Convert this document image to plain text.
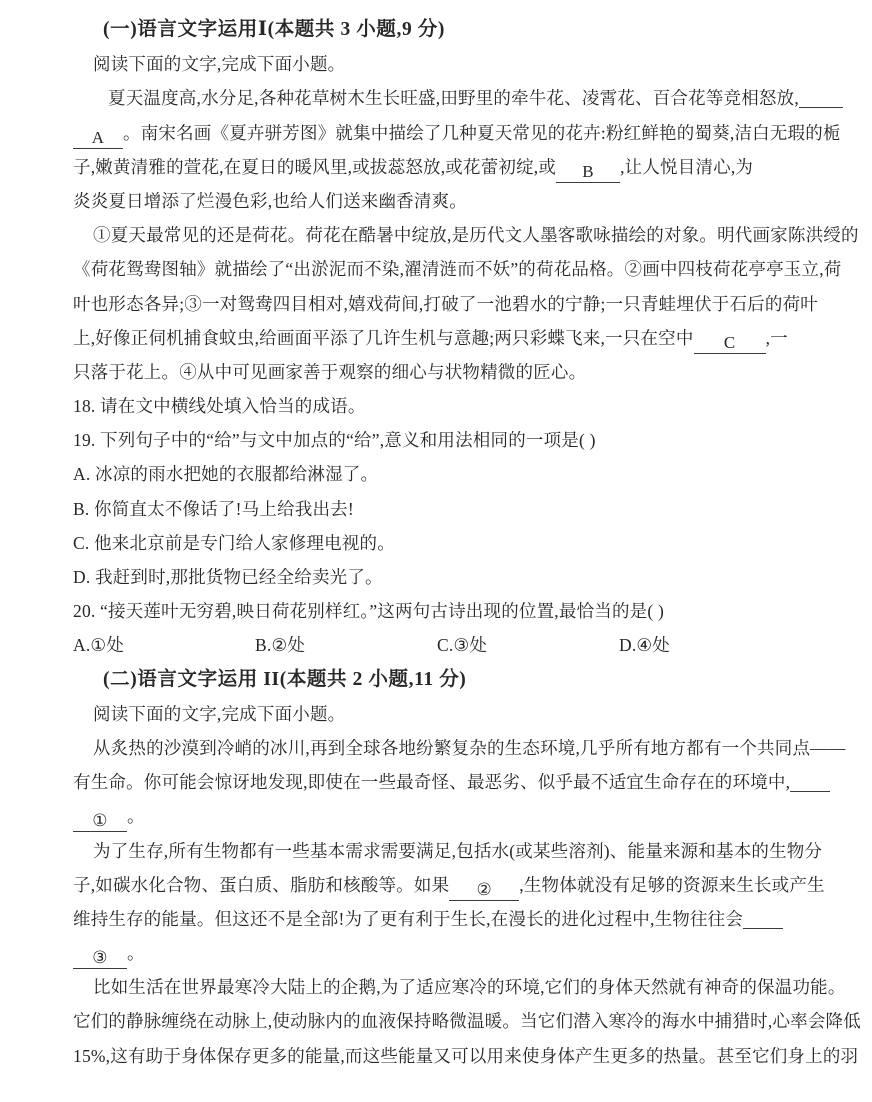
(一)语言文字运用Ⅰ(本题共 3 小题,9 分)
阅读下面的文字,完成下面小题。
夏天温度高,水分足,各种花草树木生长旺盛,田野里的牵牛花、凌霄花、百合花等竞相怒放,
A 。南宋名画《夏卉骈芳图》就集中描绘了几种夏天常见的花卉:粉红鲜艳的蜀葵,洁白无瑕的栀
子,嫩黄清雅的萱花,在夏日的暖风里,或拔蕊怒放,或花蕾初绽,或 B ,让人悦目清心,为
炎炎夏日增添了烂漫色彩,也给人们送来幽香清爽。
①夏天最常见的还是荷花。荷花在酷暑中绽放,是历代文人墨客歌咏描绘的对象。明代画家陈洪绶的
《荷花鸳鸯图轴》就描绘了“出淤泥而不染,濯清涟而不妖”的荷花品格。②画中四枝荷花亭亭玉立,荷
叶也形态各异;③一对鸳鸯四目相对,嬉戏荷间,打破了一池碧水的宁静;一只青蛙埋伏于石后的荷叶
上,好像正伺机捕食蚊虫,给画面平添了几许生机与意趣;两只彩蝶飞来,一只在空中 C ,一
只落于花上。④从中可见画家善于观察的细心与状物精微的匠心。
18. 请在文中横线处填入恰当的成语。
19. 下列句子中的“给”与文中加点的“给”,意义和用法相同的一项是( )
A. 冰凉的雨水把她的衣服都给淋湿了。
B. 你简直太不像话了!马上给我出去!
C. 他来北京前是专门给人家修理电视的。
D. 我赶到时,那批货物已经全给卖光了。
20. “接天莲叶无穷碧,映日荷花别样红。”这两句古诗出现的位置,最恰当的是( )
A.①处	B.②处	C.③处	D.④处
(二)语言文字运用 II(本题共 2 小题,11 分)
阅读下面的文字,完成下面小题。
从炙热的沙漠到冷峭的冰川,再到全球各地纷繁复杂的生态环境,几乎所有地方都有一个共同点——
有生命。你可能会惊讶地发现,即使在一些最奇怪、最恶劣、似乎最不适宜生命存在的环境中,
① 。
为了生存,所有生物都有一些基本需求需要满足,包括水(或某些溶剂)、能量来源和基本的生物分
子,如碳水化合物、蛋白质、脂肪和核酸等。如果 ② ,生物体就没有足够的资源来生长或产生
维持生存的能量。但这还不是全部!为了更有利于生长,在漫长的进化过程中,生物往往会
③ 。
比如生活在世界最寒冷大陆上的企鹅,为了适应寒冷的环境,它们的身体天然就有神奇的保温功能。
它们的静脉缠绕在动脉上,使动脉内的血液保持略微温暖。当它们潜入寒冷的海水中捕猎时,心率会降低
15%,这有助于身体保存更多的能量,而这些能量又可以用来使身体产生更多的热量。甚至它们身上的羽
